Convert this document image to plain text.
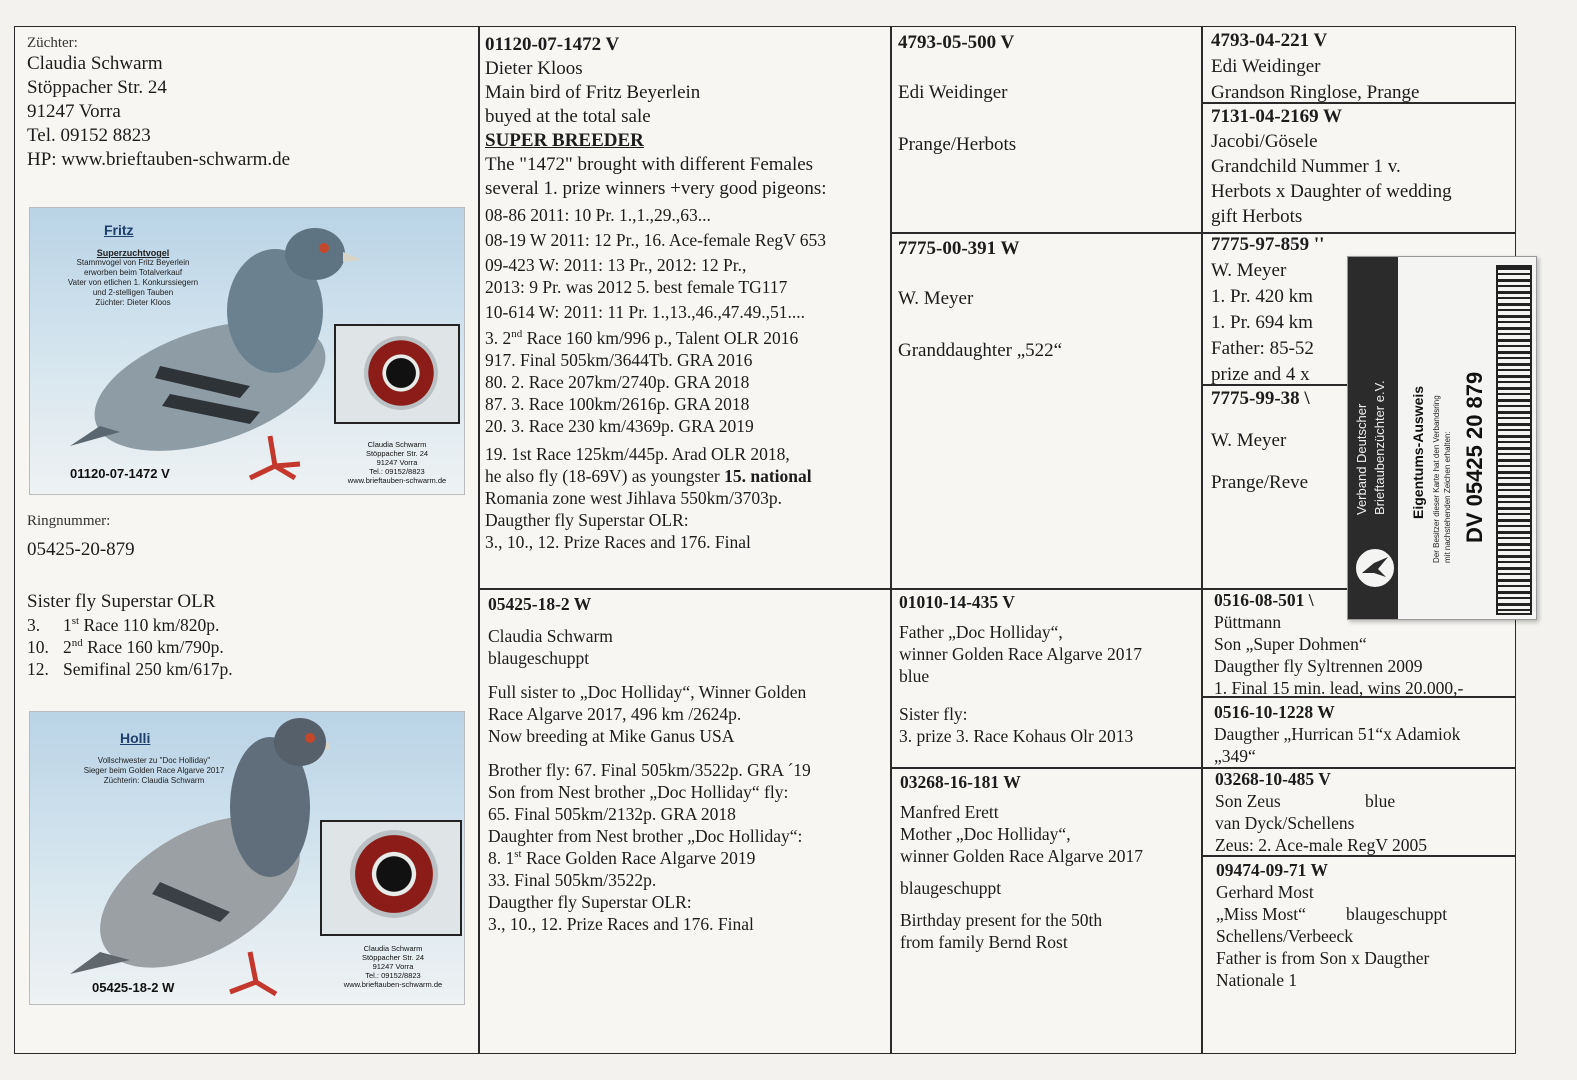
Züchter:
Claudia Schwarm
Stöppacher Str. 24
91247 Vorra
Tel. 09152 8823
HP: www.brieftauben-schwarm.de
Fritz
Superzuchtvogel
Stammvogel von Fritz Beyerlein
erworben beim Totalverkauf
Vater von etlichen 1. Konkurssiegern
und 2-stelligen Tauben
Züchter: Dieter Kloos
Claudia Schwarm
Stöppacher Str. 24
91247 Vorra
Tel.: 09152/8823
www.brieftauben-schwarm.de
01120-07-1472 V
Ringnummer:
05425-20-879
Sister fly Superstar OLR
3. 1st Race 110 km/820p.
10. 2nd Race 160 km/790p.
12. Semifinal 250 km/617p.
Holli
Vollschwester zu "Doc Holliday"
Sieger beim Golden Race Algarve 2017
Züchterin: Claudia Schwarm
Claudia Schwarm
Stöppacher Str. 24
91247 Vorra
Tel.: 09152/8823
www.brieftauben-schwarm.de
05425-18-2 W
01120-07-1472 V
Dieter Kloos
Main bird of Fritz Beyerlein
buyed at the total sale
SUPER BREEDER
The "1472" brought with different Females
several 1. prize winners +very good pigeons:
08-86 2011: 10 Pr. 1.,1.,29.,63...
08-19 W 2011: 12 Pr., 16. Ace-female RegV 653
09-423 W: 2011: 13 Pr., 2012: 12 Pr.,
2013: 9 Pr. was 2012 5. best female TG117
10-614 W: 2011: 11 Pr. 1.,13.,46.,47.49.,51....
3. 2nd Race 160 km/996 p., Talent OLR 2016
917. Final 505km/3644Tb. GRA 2016
80. 2. Race 207km/2740p. GRA 2018
87. 3. Race 100km/2616p. GRA 2018
20. 3. Race 230 km/4369p. GRA 2019
19. 1st Race 125km/445p. Arad OLR 2018,
he also fly (18-69V) as youngster 15. national
Romania zone west Jihlava 550km/3703p.
Daugther fly Superstar OLR:
3., 10., 12. Prize Races and 176. Final
05425-18-2 W
Claudia Schwarm
blaugeschuppt
Full sister to „Doc Holliday“, Winner Golden
Race Algarve 2017, 496 km /2624p.
Now breeding at Mike Ganus USA
Brother fly: 67. Final 505km/3522p. GRA ´19
Son from Nest brother „Doc Holliday“ fly:
65. Final 505km/2132p. GRA 2018
Daughter from Nest brother „Doc Holliday“:
8. 1st Race Golden Race Algarve 2019
33. Final 505km/3522p.
Daugther fly Superstar OLR:
3., 10., 12. Prize Races and 176. Final
4793-05-500 V
Edi Weidinger
Prange/Herbots
7775-00-391 W
W. Meyer
Granddaughter „522“
01010-14-435 V
Father „Doc Holliday“,
winner Golden Race Algarve 2017
blue
Sister fly:
3. prize 3. Race Kohaus Olr 2013
03268-16-181 W
Manfred Erett
Mother „Doc Holliday“,
winner Golden Race Algarve 2017
blaugeschuppt
Birthday present for the 50th
from family Bernd Rost
4793-04-221 V
Edi Weidinger
Grandson Ringlose, Prange
7131-04-2169 W
Jacobi/Gösele
Grandchild Nummer 1 v.
Herbots x Daughter of wedding
gift Herbots
7775-97-859 ''
W. Meyer
1. Pr. 420 km
1. Pr. 694 km
Father: 85-52
prize and 4 x
7775-99-38 \
W. Meyer
Prange/Reve
0516-08-501 \
Püttmann
Son „Super Dohmen“
Daugther fly Syltrennen 2009
1. Final 15 min. lead, wins 20.000,-
0516-10-1228 W
Daugther „Hurrican 51“x Adamiok
„349“
03268-10-485 V
Son Zeus	blue
van Dyck/Schellens
Zeus: 2. Ace-male RegV 2005
09474-09-71 W
Gerhard Most
„Miss Most“ blaugeschuppt
Schellens/Verbeeck
Father is from Son x Daugther
Nationale 1
Verband Deutscher Brieftaubenzüchter e.V. Eigentums-Ausweis Der Besitzer dieser Karte hat den Verbandsring mit nachstehenden Zeichen erhalten: DV 05425 20 879
